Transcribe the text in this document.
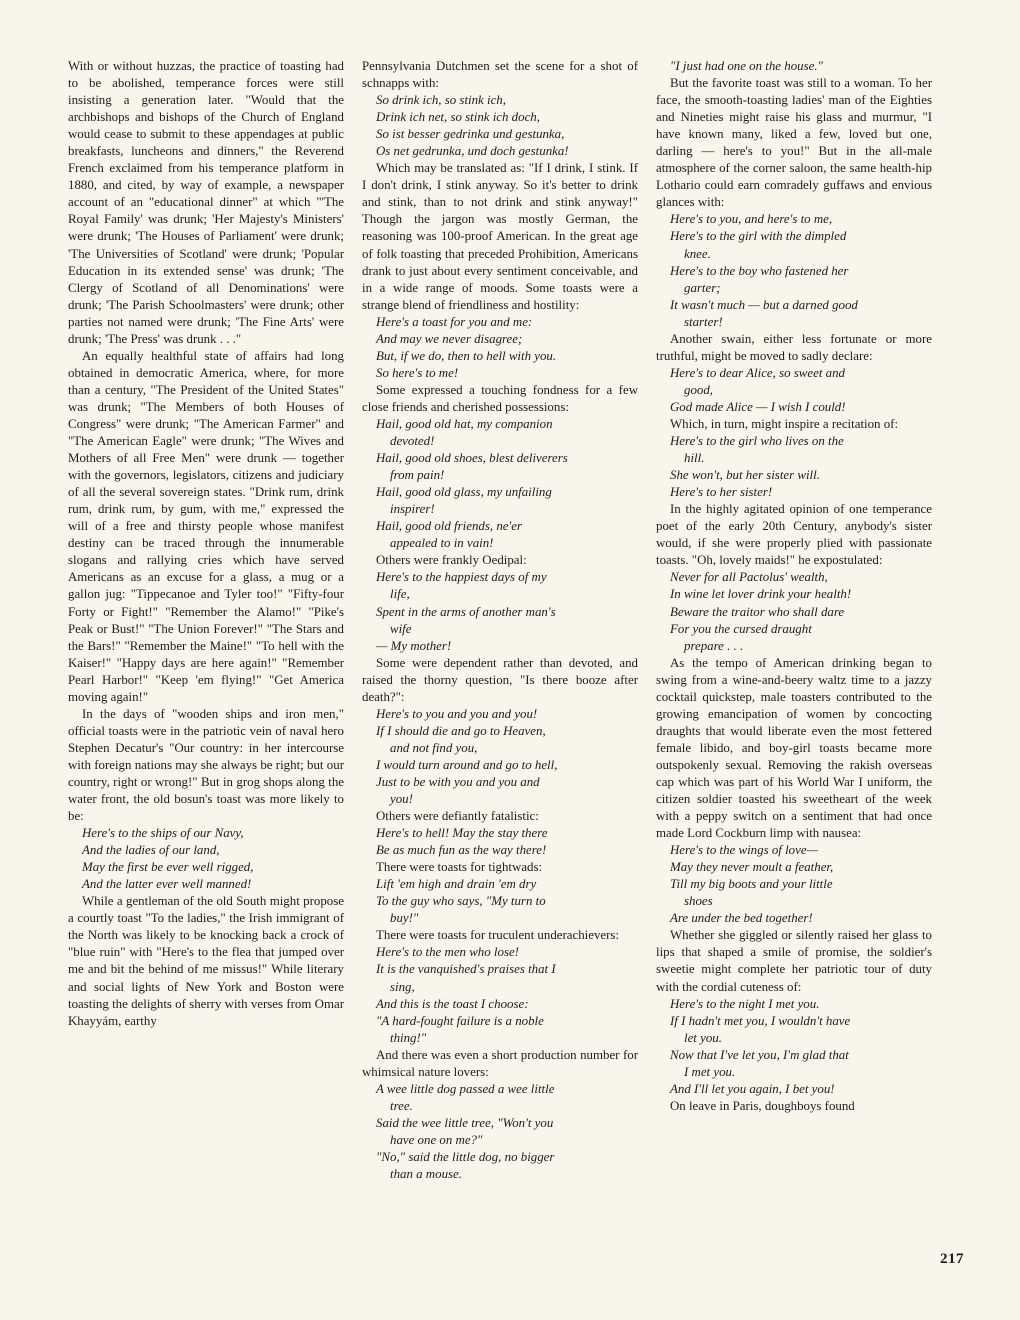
With or without huzzas, the practice of toasting had to be abolished, temperance forces were still insisting a generation later. "Would that the archbishops and bishops of the Church of England would cease to submit to these appendages at public breakfasts, luncheons and dinners," the Reverend French exclaimed from his temperance platform in 1880, and cited, by way of example, a newspaper account of an "educational dinner" at which "'The Royal Family' was drunk; 'Her Majesty's Ministers' were drunk; 'The Houses of Parliament' were drunk; 'The Universities of Scotland' were drunk; 'Popular Education in its extended sense' was drunk; 'The Clergy of Scotland of all Denominations' were drunk; 'The Parish Schoolmasters' were drunk; other parties not named were drunk; 'The Fine Arts' were drunk; 'The Press' was drunk . . ."

An equally healthful state of affairs had long obtained in democratic America, where, for more than a century, "The President of the United States" was drunk; "The Members of both Houses of Congress" were drunk; "The American Farmer" and "The American Eagle" were drunk; "The Wives and Mothers of all Free Men" were drunk — together with the governors, legislators, citizens and judiciary of all the several sovereign states. "Drink rum, drink rum, drink rum, by gum, with me," expressed the will of a free and thirsty people whose manifest destiny can be traced through the innumerable slogans and rallying cries which have served Americans as an excuse for a glass, a mug or a gallon jug: "Tippecanoe and Tyler too!" "Fifty-four Forty or Fight!" "Remember the Alamo!" "Pike's Peak or Bust!" "The Union Forever!" "The Stars and the Bars!" "Remember the Maine!" "To hell with the Kaiser!" "Happy days are here again!" "Remember Pearl Harbor!" "Keep 'em flying!" "Get America moving again!"

In the days of "wooden ships and iron men," official toasts were in the patriotic vein of naval hero Stephen Decatur's "Our country: in her intercourse with foreign nations may she always be right; but our country, right or wrong!" But in grog shops along the water front, the old bosun's toast was more likely to be:

Here's to the ships of our Navy,
And the ladies of our land,
May the first be ever well rigged,
And the latter ever well manned!

While a gentleman of the old South might propose a courtly toast "To the ladies," the Irish immigrant of the North was likely to be knocking back a crock of "blue ruin" with "Here's to the flea that jumped over me and bit the behind of me missus!" While literary and social lights of New York and Boston were toasting the delights of sherry with verses from Omar Khayyám, earthy

Pennsylvania Dutchmen set the scene for a shot of schnapps with:

So drink ich, so stink ich,
Drink ich net, so stink ich doch,
So ist besser gedrinka und gestunka,
Os net gedrunka, und doch gestunka!

Which may be translated as: "If I drink, I stink. If I don't drink, I stink anyway. So it's better to drink and stink, than to not drink and stink anyway!" Though the jargon was mostly German, the reasoning was 100-proof American. In the great age of folk toasting that preceded Prohibition, Americans drank to just about every sentiment conceivable, and in a wide range of moods. Some toasts were a strange blend of friendliness and hostility:

Here's a toast for you and me:
And may we never disagree;
But, if we do, then to hell with you.
So here's to me!

Some expressed a touching fondness for a few close friends and cherished possessions:

Hail, good old hat, my companion
devoted!
Hail, good old shoes, blest deliverers
from pain!
Hail, good old glass, my unfailing
inspirer!
Hail, good old friends, ne'er
appealed to in vain!

Others were frankly Oedipal:

Here's to the happiest days of my
life,
Spent in the arms of another man's
wife
— My mother!

Some were dependent rather than devoted, and raised the thorny question, "Is there booze after death?":

Here's to you and you and you!
If I should die and go to Heaven,
and not find you,
I would turn around and go to hell,
Just to be with you and you and
you!

Others were defiantly fatalistic:

Here's to hell! May the stay there
Be as much fun as the way there!

There were toasts for tightwads:

Lift 'em high and drain 'em dry
To the guy who says, "My turn to
buy!"

There were toasts for truculent underachievers:

Here's to the men who lose!
It is the vanquished's praises that I
sing,
And this is the toast I choose:
"A hard-fought failure is a noble
thing!"

And there was even a short production number for whimsical nature lovers:

A wee little dog passed a wee little
tree.
Said the wee little tree, "Won't you
have one on me?"
"No," said the little dog, no bigger
than a mouse.
"I just had one on the house."

But the favorite toast was still to a woman. To her face, the smooth-toasting ladies' man of the Eighties and Nineties might raise his glass and murmur, "I have known many, liked a few, loved but one, darling — here's to you!" But in the all-male atmosphere of the corner saloon, the same health-hip Lothario could earn comradely guffaws and envious glances with:

Here's to you, and here's to me,
Here's to the girl with the dimpled
knee.
Here's to the boy who fastened her
garter;
It wasn't much — but a darned good
starter!

Another swain, either less fortunate or more truthful, might be moved to sadly declare:

Here's to dear Alice, so sweet and
good,
God made Alice — I wish I could!

Which, in turn, might inspire a recitation of:

Here's to the girl who lives on the
hill.
She won't, but her sister will.
Here's to her sister!

In the highly agitated opinion of one temperance poet of the early 20th Century, anybody's sister would, if she were properly plied with passionate toasts. "Oh, lovely maids!" he expostulated:

Never for all Pactolus' wealth,
In wine let lover drink your health!
Beware the traitor who shall dare
For you the cursed draught
prepare . . .

As the tempo of American drinking began to swing from a wine-and-beery waltz time to a jazzy cocktail quickstep, male toasters contributed to the growing emancipation of women by concocting draughts that would liberate even the most fettered female libido, and boy-girl toasts became more outspokenly sexual. Removing the rakish overseas cap which was part of his World War I uniform, the citizen soldier toasted his sweetheart of the week with a peppy switch on a sentiment that had once made Lord Cockburn limp with nausea:

Here's to the wings of love—
May they never moult a feather,
Till my big boots and your little
shoes
Are under the bed together!

Whether she giggled or silently raised her glass to lips that shaped a smile of promise, the soldier's sweetie might complete her patriotic tour of duty with the cordial cuteness of:

Here's to the night I met you.
If I hadn't met you, I wouldn't have
let you.
Now that I've let you, I'm glad that
I met you.
And I'll let you again, I bet you!

On leave in Paris, doughboys found

217
